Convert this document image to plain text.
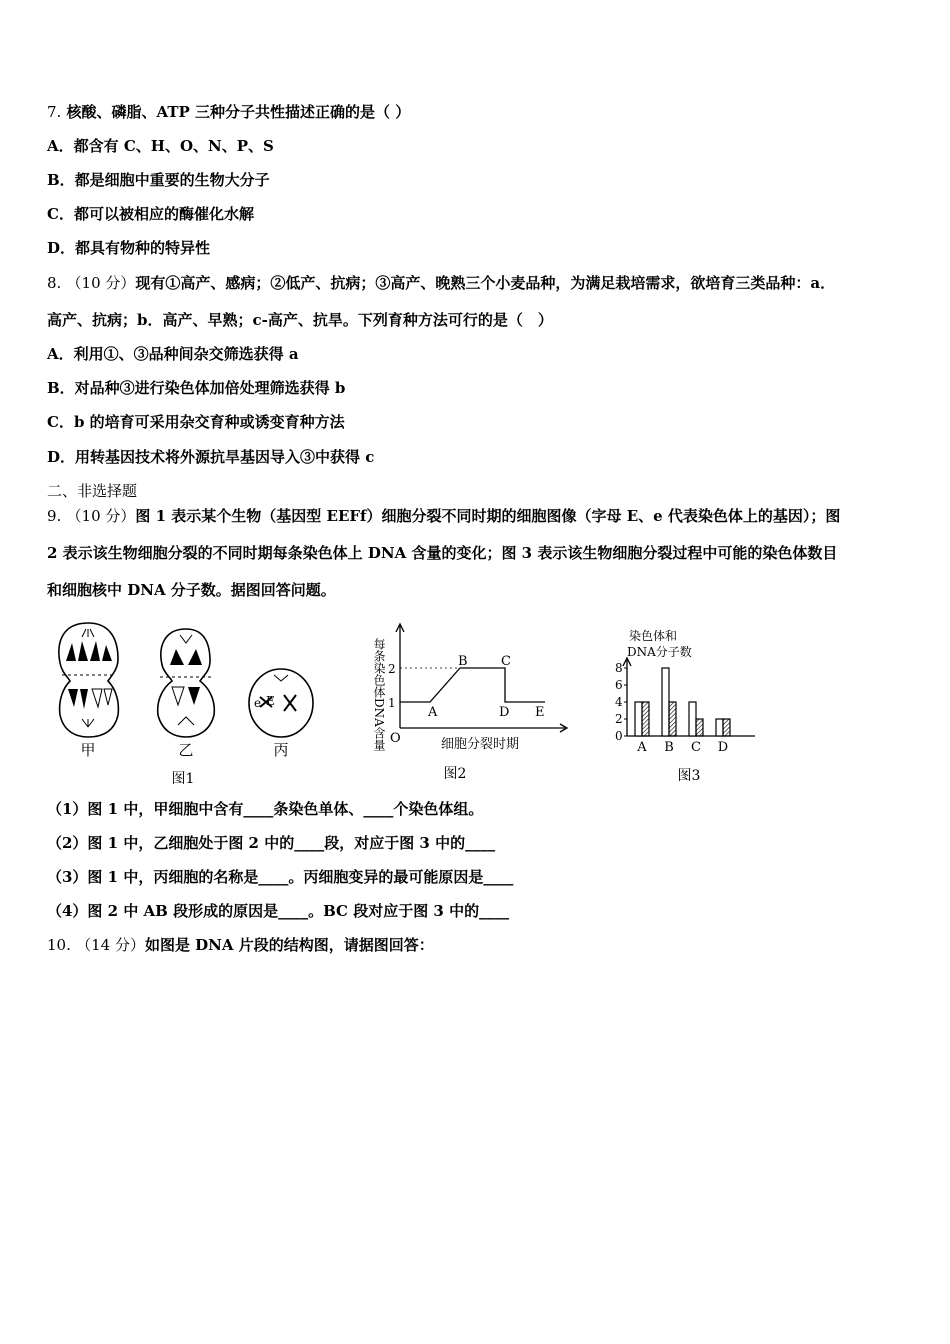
7. 核酸、磷脂、ATP 三种分子共性描述正确的是（ ）
A．都含有 C、H、O、N、P、S
B．都是细胞中重要的生物大分子
C．都可以被相应的酶催化水解
D．都具有物种的特异性
8. （10 分）现有①高产、感病；②低产、抗病；③高产、晚熟三个小麦品种，为满足栽培需求，欲培育三类品种：a．
高产、抗病；b．高产、早熟；c-高产、抗旱。下列育种方法可行的是（　）
A．利用①、③品种间杂交筛选获得 a
B．对品种③进行染色体加倍处理筛选获得 b
C．b 的培育可采用杂交育种或诱变育种方法
D．用转基因技术将外源抗旱基因导入③中获得 c
二、非选择题
9. （10 分）图 1 表示某个生物（基因型 EEFf）细胞分裂不同时期的细胞图像（字母 E、e 代表染色体上的基因）；图
2 表示该生物细胞分裂的不同时期每条染色体上 DNA 含量的变化；图 3 表示该生物细胞分裂过程中可能的染色体数目
和细胞核中 DNA 分子数。据图回答问题。
甲	乙
e E
丙
图1
每条染色体DNA含量 O
1
2
A
B	C
D E
细胞分裂时期
图2
染色体和
DNA分子数
0
2
4
6
8
A B C D
图3
（1）图 1 中，甲细胞中含有____条染色单体、____个染色体组。
（2）图 1 中，乙细胞处于图 2 中的____段，对应于图 3 中的____
（3）图 1 中，丙细胞的名称是____。丙细胞变异的最可能原因是____
（4）图 2 中 AB 段形成的原因是____。BC 段对应于图 3 中的____
10. （14 分）如图是 DNA 片段的结构图，请据图回答：
